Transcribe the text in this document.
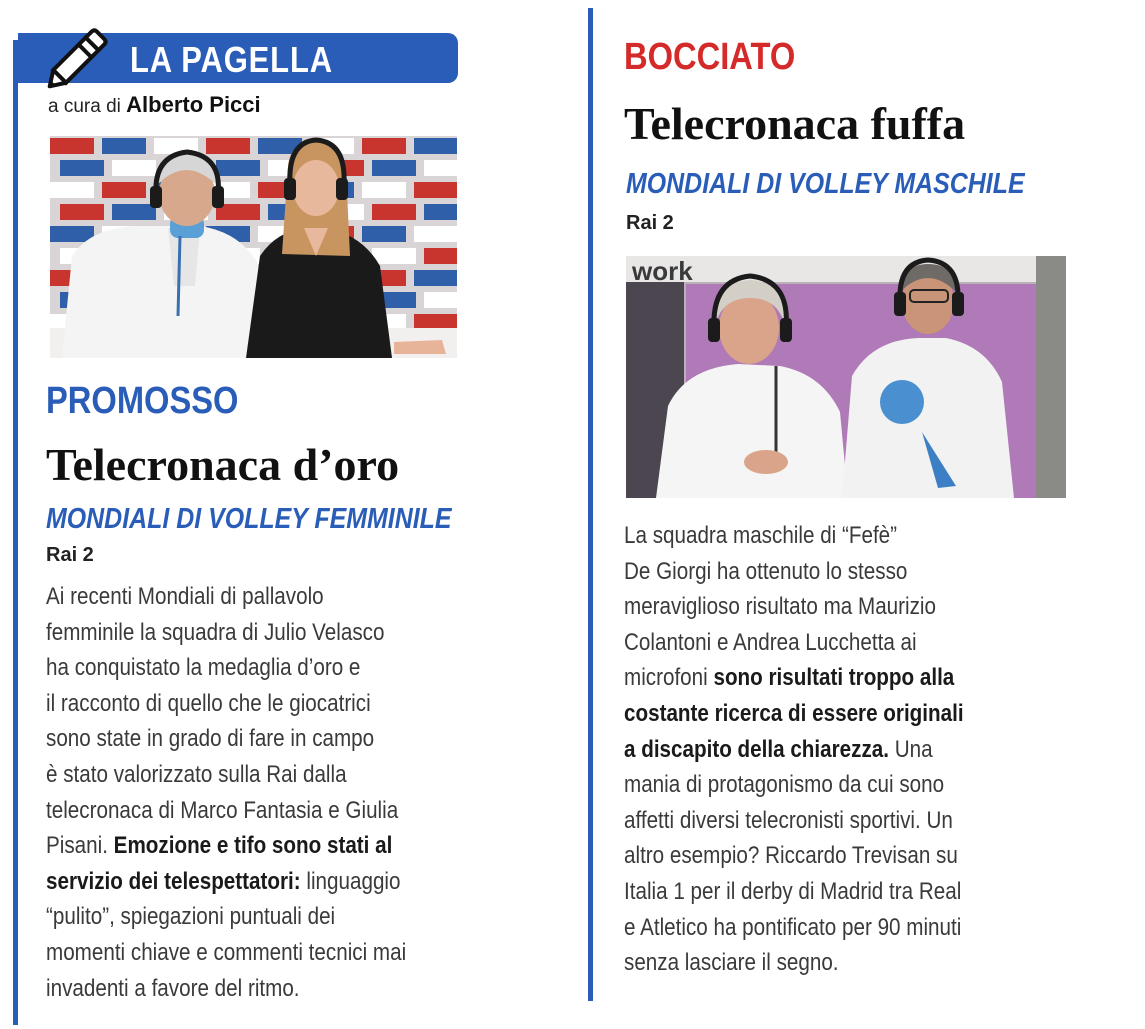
LA PAGELLA
a cura di Alberto Picci
PROMOSSO
Telecronaca d’oro
MONDIALI DI VOLLEY FEMMINILE
Rai 2
Ai recenti Mondiali di pallavolo
femminile la squadra di Julio Velasco
ha conquistato la medaglia d’oro e
il racconto di quello che le giocatrici
sono state in grado di fare in campo
è stato valorizzato sulla Rai dalla
telecronaca di Marco Fantasia e Giulia
Pisani. Emozione e tifo sono stati al
servizio dei telespettatori: linguaggio
“pulito”, spiegazioni puntuali dei
momenti chiave e commenti tecnici mai
invadenti a favore del ritmo.
BOCCIATO
Telecronaca fuffa
MONDIALI DI VOLLEY MASCHILE
Rai 2
work
La squadra maschile di “Fefè”
De Giorgi ha ottenuto lo stesso
meraviglioso risultato ma Maurizio
Colantoni e Andrea Lucchetta ai
microfoni sono risultati troppo alla
costante ricerca di essere originali
a discapito della chiarezza. Una
mania di protagonismo da cui sono
affetti diversi telecronisti sportivi. Un
altro esempio? Riccardo Trevisan su
Italia 1 per il derby di Madrid tra Real
e Atletico ha pontificato per 90 minuti
senza lasciare il segno.
